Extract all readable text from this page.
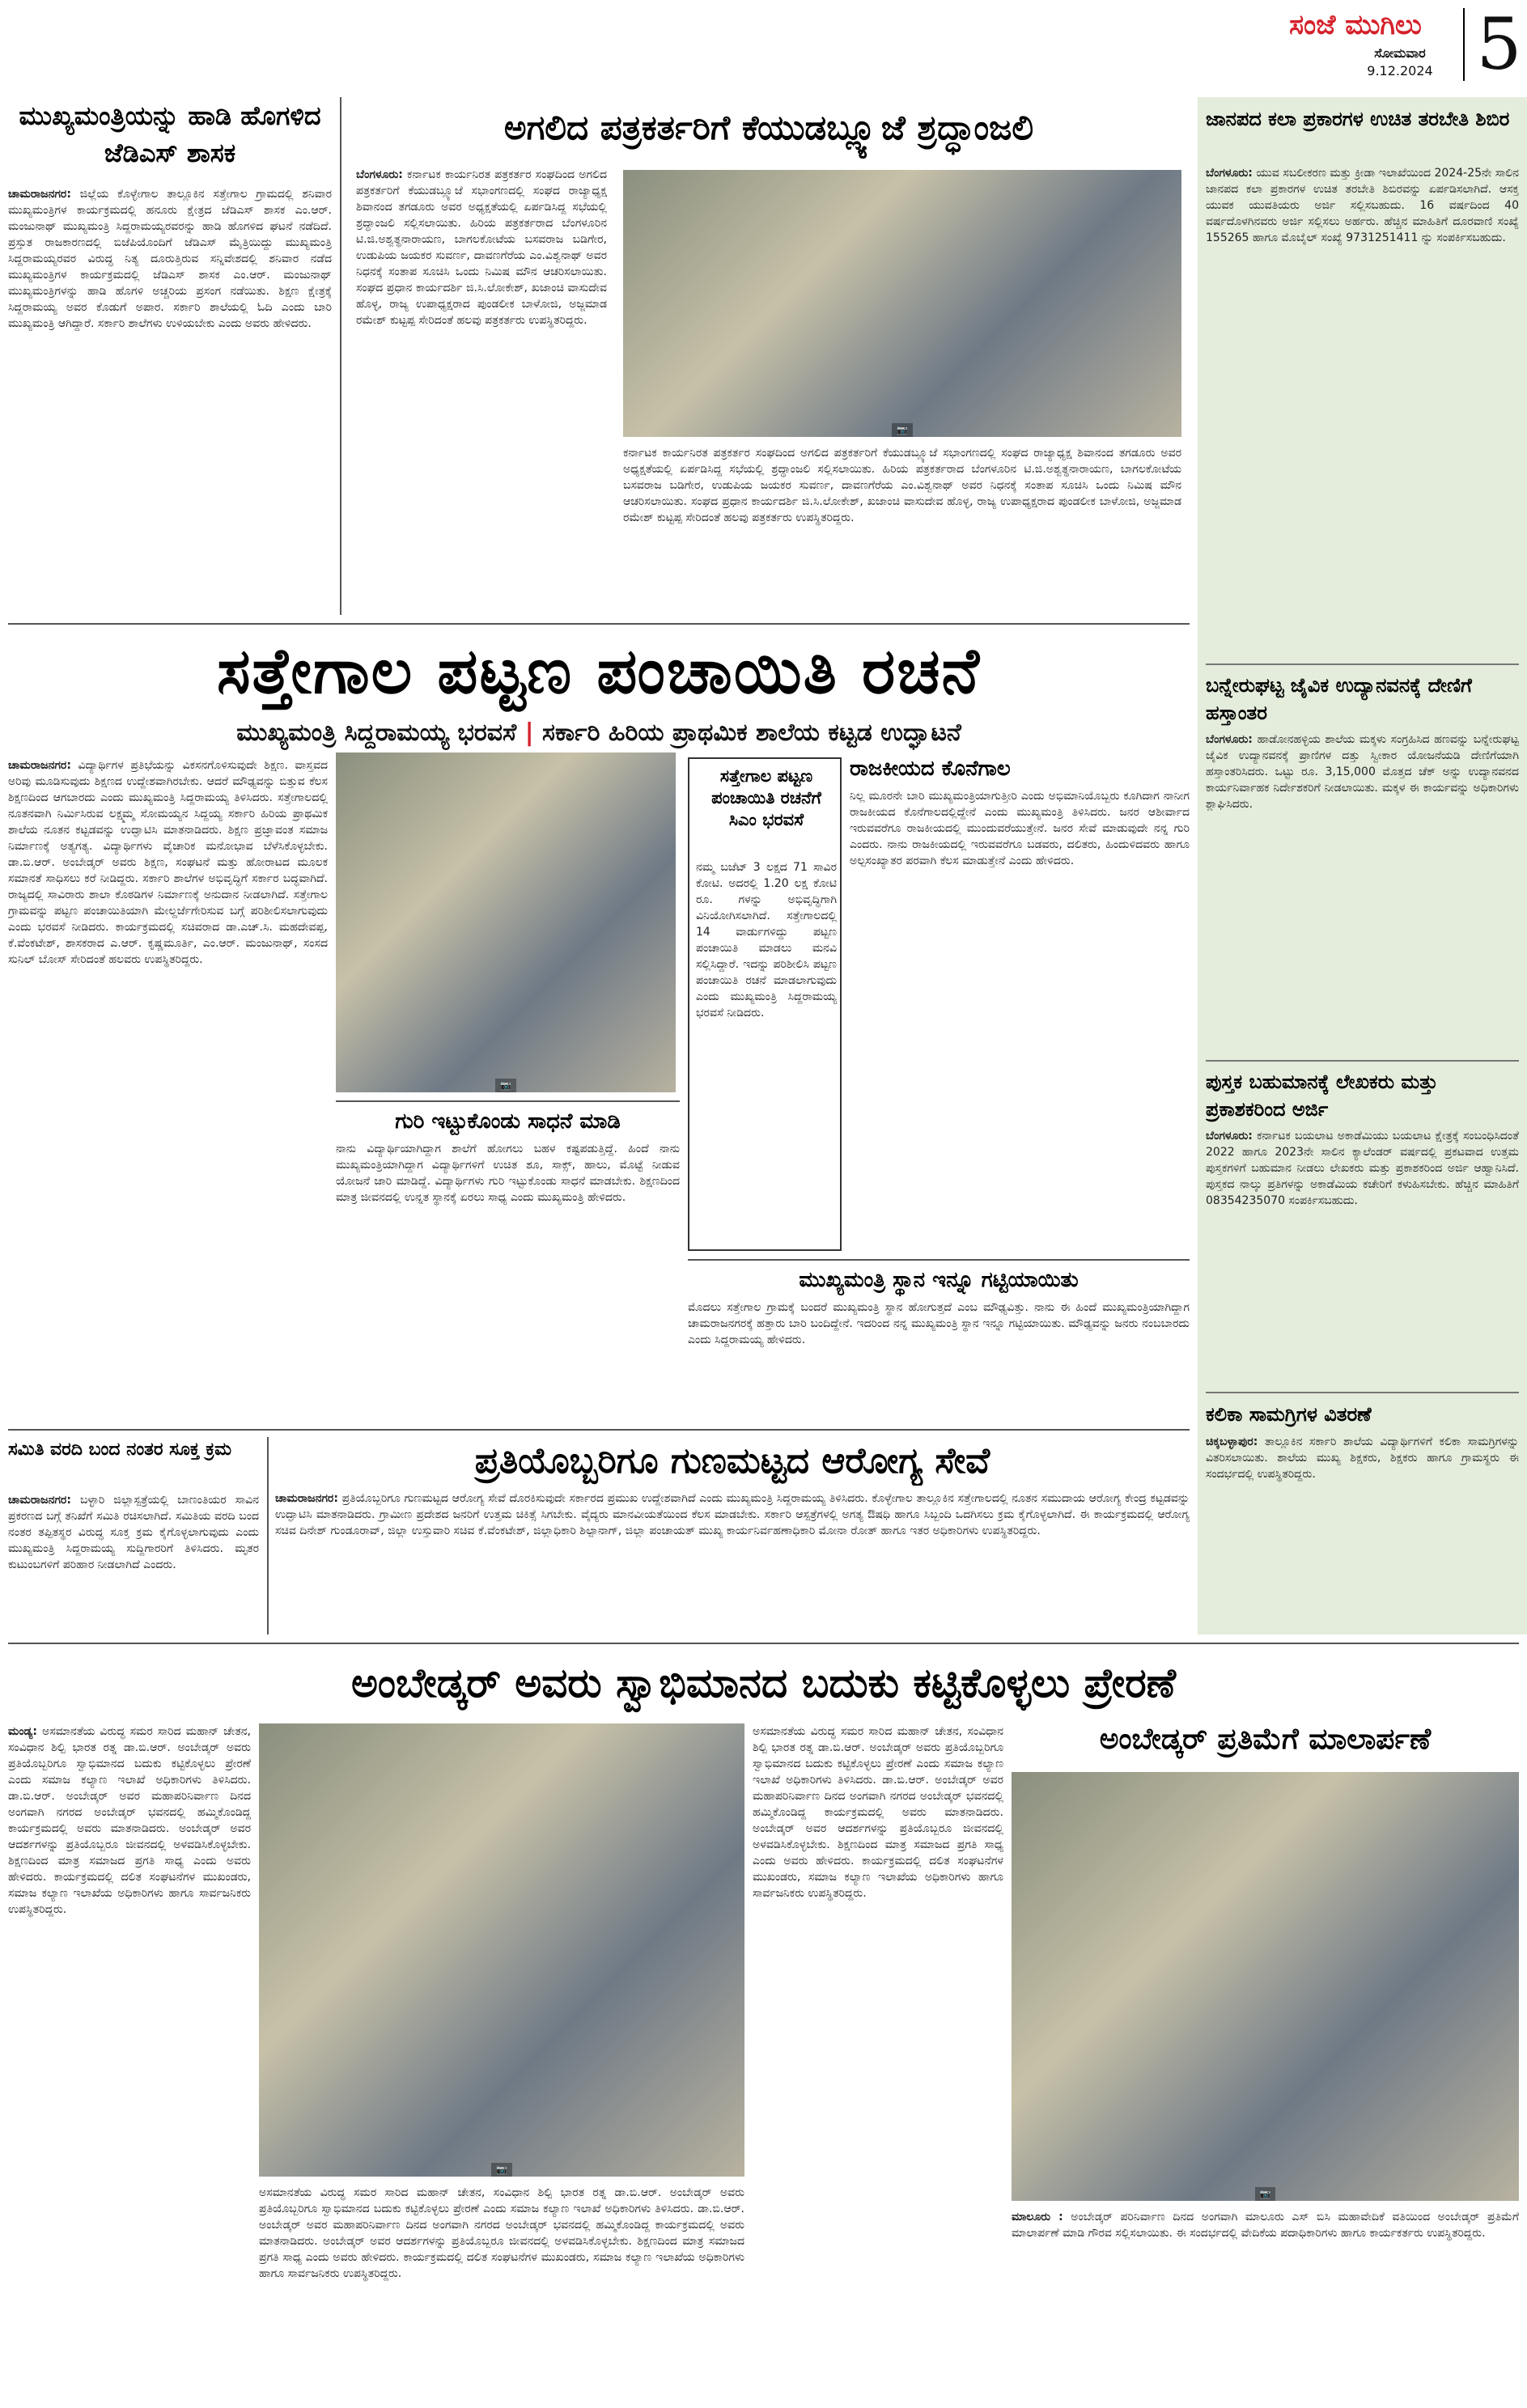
ಸಂಜೆ ಮುಗಿಲು
ಸೋಮವಾರ
9.12.2024 5
ಮುಖ್ಯಮಂತ್ರಿಯನ್ನು ಹಾಡಿ ಹೊಗಳಿದ ಜೆಡಿಎಸ್ ಶಾಸಕ
ಚಾಮರಾಜನಗರ: ಜಿಲ್ಲೆಯ ಕೊಳ್ಳೇಗಾಲ ತಾಲ್ಲೂಕಿನ ಸತ್ತೇಗಾಲ ಗ್ರಾಮದಲ್ಲಿ ಶನಿವಾರ ಮುಖ್ಯಮಂತ್ರಿಗಳ ಕಾರ್ಯಕ್ರಮದಲ್ಲಿ ಹನೂರು ಕ್ಷೇತ್ರದ ಜೆಡಿಎಸ್ ಶಾಸಕ ಎಂ.ಆರ್. ಮಂಜುನಾಥ್ ಮುಖ್ಯಮಂತ್ರಿ ಸಿದ್ದರಾಮಯ್ಯರವರನ್ನು ಹಾಡಿ ಹೊಗಳಿದ ಘಟನೆ ನಡೆದಿದೆ. ಪ್ರಸ್ತುತ ರಾಜಕಾರಣದಲ್ಲಿ ಬಿಜೆಪಿಯೊಂದಿಗೆ ಜೆಡಿಎಸ್ ಮೈತ್ರಿಯಿದ್ದು ಮುಖ್ಯಮಂತ್ರಿ ಸಿದ್ದರಾಮಯ್ಯರವರ ವಿರುದ್ಧ ನಿತ್ಯ ದೂರುತ್ತಿರುವ ಸನ್ನಿವೇಶದಲ್ಲಿ ಶನಿವಾರ ನಡೆದ ಮುಖ್ಯಮಂತ್ರಿಗಳ ಕಾರ್ಯಕ್ರಮದಲ್ಲಿ ಜೆಡಿಎಸ್ ಶಾಸಕ ಎಂ.ಆರ್. ಮಂಜುನಾಥ್ ಮುಖ್ಯಮಂತ್ರಿಗಳನ್ನು ಹಾಡಿ ಹೊಗಳಿ ಅಚ್ಚರಿಯ ಪ್ರಸಂಗ ನಡೆಯಿತು. ಶಿಕ್ಷಣ ಕ್ಷೇತ್ರಕ್ಕೆ ಸಿದ್ದರಾಮಯ್ಯ ಅವರ ಕೊಡುಗೆ ಅಪಾರ. ಸರ್ಕಾರಿ ಶಾಲೆಯಲ್ಲಿ ಓದಿ ಎಂದು ಬಾರಿ ಮುಖ್ಯಮಂತ್ರಿ ಆಗಿದ್ದಾರೆ. ಸರ್ಕಾರಿ ಶಾಲೆಗಳು ಉಳಿಯಬೇಕು ಎಂದು ಅವರು ಹೇಳಿದರು.
ಅಗಲಿದ ಪತ್ರಕರ್ತರಿಗೆ ಕೆಯುಡಬ್ಲ್ಯೂಜೆ ಶ್ರದ್ಧಾಂಜಲಿ
ಬೆಂಗಳೂರು: ಕರ್ನಾಟಕ ಕಾರ್ಯನಿರತ ಪತ್ರಕರ್ತರ ಸಂಘದಿಂದ ಅಗಲಿದ ಪತ್ರಕರ್ತರಿಗೆ ಕೆಯುಡಬ್ಲ್ಯೂಜೆ ಸಭಾಂಗಣದಲ್ಲಿ ಸಂಘದ ರಾಜ್ಯಾಧ್ಯಕ್ಷ ಶಿವಾನಂದ ತಗಡೂರು ಅವರ ಅಧ್ಯಕ್ಷತೆಯಲ್ಲಿ ಏರ್ಪಡಿಸಿದ್ದ ಸಭೆಯಲ್ಲಿ ಶ್ರದ್ಧಾಂಜಲಿ ಸಲ್ಲಿಸಲಾಯಿತು. ಹಿರಿಯ ಪತ್ರಕರ್ತರಾದ ಬೆಂಗಳೂರಿನ ಟಿ.ಜಿ.ಅಶ್ವತ್ಥನಾರಾಯಣ, ಬಾಗಲಕೋಟೆಯ ಬಸವರಾಜ ಬಡಿಗೇರ, ಉಡುಪಿಯ ಜಯಕರ ಸುವರ್ಣ, ದಾವಣಗೆರೆಯ ಎಂ.ವಿಶ್ವನಾಥ್ ಅವರ ನಿಧನಕ್ಕೆ ಸಂತಾಪ ಸೂಚಿಸಿ ಒಂದು ನಿಮಿಷ ಮೌನ ಆಚರಿಸಲಾಯಿತು. ಸಂಘದ ಪ್ರಧಾನ ಕಾರ್ಯದರ್ಶಿ ಜಿ.ಸಿ.ಲೋಕೇಶ್, ಖಜಾಂಚಿ ವಾಸುದೇವ ಹೊಳ್ಳ, ರಾಜ್ಯ ಉಪಾಧ್ಯಕ್ಷರಾದ ಪುಂಡಲೀಕ ಬಾಳೋಜಿ, ಅಜ್ಜಮಾಡ ರಮೇಶ್ ಕುಟ್ಟಪ್ಪ ಸೇರಿದಂತೆ ಹಲವು ಪತ್ರಕರ್ತರು ಉಪಸ್ಥಿತರಿದ್ದರು.
📷
ಕರ್ನಾಟಕ ಕಾರ್ಯನಿರತ ಪತ್ರಕರ್ತರ ಸಂಘದಿಂದ ಅಗಲಿದ ಪತ್ರಕರ್ತರಿಗೆ ಕೆಯುಡಬ್ಲ್ಯೂಜೆ ಸಭಾಂಗಣದಲ್ಲಿ ಸಂಘದ ರಾಜ್ಯಾಧ್ಯಕ್ಷ ಶಿವಾನಂದ ತಗಡೂರು ಅವರ ಅಧ್ಯಕ್ಷತೆಯಲ್ಲಿ ಏರ್ಪಡಿಸಿದ್ದ ಸಭೆಯಲ್ಲಿ ಶ್ರದ್ಧಾಂಜಲಿ ಸಲ್ಲಿಸಲಾಯಿತು. ಹಿರಿಯ ಪತ್ರಕರ್ತರಾದ ಬೆಂಗಳೂರಿನ ಟಿ.ಜಿ.ಅಶ್ವತ್ಥನಾರಾಯಣ, ಬಾಗಲಕೋಟೆಯ ಬಸವರಾಜ ಬಡಿಗೇರ, ಉಡುಪಿಯ ಜಯಕರ ಸುವರ್ಣ, ದಾವಣಗೆರೆಯ ಎಂ.ವಿಶ್ವನಾಥ್ ಅವರ ನಿಧನಕ್ಕೆ ಸಂತಾಪ ಸೂಚಿಸಿ ಒಂದು ನಿಮಿಷ ಮೌನ ಆಚರಿಸಲಾಯಿತು. ಸಂಘದ ಪ್ರಧಾನ ಕಾರ್ಯದರ್ಶಿ ಜಿ.ಸಿ.ಲೋಕೇಶ್, ಖಜಾಂಚಿ ವಾಸುದೇವ ಹೊಳ್ಳ, ರಾಜ್ಯ ಉಪಾಧ್ಯಕ್ಷರಾದ ಪುಂಡಲೀಕ ಬಾಳೋಜಿ, ಅಜ್ಜಮಾಡ ರಮೇಶ್ ಕುಟ್ಟಪ್ಪ ಸೇರಿದಂತೆ ಹಲವು ಪತ್ರಕರ್ತರು ಉಪಸ್ಥಿತರಿದ್ದರು.
ಜಾನಪದ ಕಲಾ ಪ್ರಕಾರಗಳ ಉಚಿತ ತರಬೇತಿ ಶಿಬಿರ
ಬೆಂಗಳೂರು: ಯುವ ಸಬಲೀಕರಣ ಮತ್ತು ಕ್ರೀಡಾ ಇಲಾಖೆಯಿಂದ 2024-25ನೇ ಸಾಲಿನ ಜಾನಪದ ಕಲಾ ಪ್ರಕಾರಗಳ ಉಚಿತ ತರಬೇತಿ ಶಿಬಿರವನ್ನು ಏರ್ಪಡಿಸಲಾಗಿದೆ. ಆಸಕ್ತ ಯುವಕ ಯುವತಿಯರು ಅರ್ಜಿ ಸಲ್ಲಿಸಬಹುದು. 16 ವರ್ಷದಿಂದ 40 ವರ್ಷದೊಳಗಿನವರು ಅರ್ಜಿ ಸಲ್ಲಿಸಲು ಅರ್ಹರು. ಹೆಚ್ಚಿನ ಮಾಹಿತಿಗೆ ದೂರವಾಣಿ ಸಂಖ್ಯೆ 155265 ಹಾಗೂ ಮೊಬೈಲ್ ಸಂಖ್ಯೆ 9731251411 ನ್ನು ಸಂಪರ್ಕಿಸಬಹುದು.
ಬನ್ನೇರುಘಟ್ಟ ಜೈವಿಕ ಉದ್ಯಾನವನಕ್ಕೆ ದೇಣಿಗೆ ಹಸ್ತಾಂತರ
ಬೆಂಗಳೂರು: ಹಾಡೋನಹಳ್ಳಿಯ ಶಾಲೆಯ ಮಕ್ಕಳು ಸಂಗ್ರಹಿಸಿದ ಹಣವನ್ನು ಬನ್ನೇರುಘಟ್ಟ ಜೈವಿಕ ಉದ್ಯಾನವನಕ್ಕೆ ಪ್ರಾಣಿಗಳ ದತ್ತು ಸ್ವೀಕಾರ ಯೋಜನೆಯಡಿ ದೇಣಿಗೆಯಾಗಿ ಹಸ್ತಾಂತರಿಸಿದರು. ಒಟ್ಟು ರೂ. 3,15,000 ಮೊತ್ತದ ಚೆಕ್ ಅನ್ನು ಉದ್ಯಾನವನದ ಕಾರ್ಯನಿರ್ವಾಹಕ ನಿರ್ದೇಶಕರಿಗೆ ನೀಡಲಾಯಿತು. ಮಕ್ಕಳ ಈ ಕಾರ್ಯವನ್ನು ಅಧಿಕಾರಿಗಳು ಶ್ಲಾಘಿಸಿದರು.
ಪುಸ್ತಕ ಬಹುಮಾನಕ್ಕೆ ಲೇಖಕರು ಮತ್ತು ಪ್ರಕಾಶಕರಿಂದ ಅರ್ಜಿ
ಬೆಂಗಳೂರು: ಕರ್ನಾಟಕ ಬಯಲಾಟ ಅಕಾಡೆಮಿಯು ಬಯಲಾಟ ಕ್ಷೇತ್ರಕ್ಕೆ ಸಂಬಂಧಿಸಿದಂತೆ 2022 ಹಾಗೂ 2023ನೇ ಸಾಲಿನ ಕ್ಯಾಲೆಂಡರ್ ವರ್ಷದಲ್ಲಿ ಪ್ರಕಟವಾದ ಉತ್ತಮ ಪುಸ್ತಕಗಳಿಗೆ ಬಹುಮಾನ ನೀಡಲು ಲೇಖಕರು ಮತ್ತು ಪ್ರಕಾಶಕರಿಂದ ಅರ್ಜಿ ಆಹ್ವಾನಿಸಿದೆ. ಪುಸ್ತಕದ ನಾಲ್ಕು ಪ್ರತಿಗಳನ್ನು ಅಕಾಡೆಮಿಯ ಕಚೇರಿಗೆ ಕಳುಹಿಸಬೇಕು. ಹೆಚ್ಚಿನ ಮಾಹಿತಿಗೆ 08354235070 ಸಂಪರ್ಕಿಸಬಹುದು.
ಕಲಿಕಾ ಸಾಮಗ್ರಿಗಳ ವಿತರಣೆ
ಚಿಕ್ಕಬಳ್ಳಾಪುರ: ತಾಲ್ಲೂಕಿನ ಸರ್ಕಾರಿ ಶಾಲೆಯ ವಿದ್ಯಾರ್ಥಿಗಳಿಗೆ ಕಲಿಕಾ ಸಾಮಗ್ರಿಗಳನ್ನು ವಿತರಿಸಲಾಯಿತು. ಶಾಲೆಯ ಮುಖ್ಯ ಶಿಕ್ಷಕರು, ಶಿಕ್ಷಕರು ಹಾಗೂ ಗ್ರಾಮಸ್ಥರು ಈ ಸಂದರ್ಭದಲ್ಲಿ ಉಪಸ್ಥಿತರಿದ್ದರು.
ಸತ್ತೇಗಾಲ ಪಟ್ಟಣ ಪಂಚಾಯಿತಿ ರಚನೆ
ಮುಖ್ಯಮಂತ್ರಿ ಸಿದ್ದರಾಮಯ್ಯ ಭರವಸೆ | ಸರ್ಕಾರಿ ಹಿರಿಯ ಪ್ರಾಥಮಿಕ ಶಾಲೆಯ ಕಟ್ಟಡ ಉದ್ಘಾಟನೆ
ಚಾಮರಾಜನಗರ: ವಿದ್ಯಾರ್ಥಿಗಳ ಪ್ರತಿಭೆಯನ್ನು ವಿಕಸನಗೊಳಿಸುವುದೇ ಶಿಕ್ಷಣ. ವಾಸ್ತವದ ಅರಿವು ಮೂಡಿಸುವುದು ಶಿಕ್ಷಣದ ಉದ್ದೇಶವಾಗಿರಬೇಕು. ಆದರೆ ಮೌಢ್ಯವನ್ನು ಬಿತ್ತುವ ಕೆಲಸ ಶಿಕ್ಷಣದಿಂದ ಆಗಬಾರದು ಎಂದು ಮುಖ್ಯಮಂತ್ರಿ ಸಿದ್ದರಾಮಯ್ಯ ತಿಳಿಸಿದರು. ಸತ್ತೇಗಾಲದಲ್ಲಿ ನೂತನವಾಗಿ ನಿರ್ಮಿಸಿರುವ ಲಕ್ಷ್ಮಮ್ಮ ಸೋಮಯ್ಯನ ಸಿದ್ದಯ್ಯ ಸರ್ಕಾರಿ ಹಿರಿಯ ಪ್ರಾಥಮಿಕ ಶಾಲೆಯ ನೂತನ ಕಟ್ಟಡವನ್ನು ಉದ್ಘಾಟಿಸಿ ಮಾತನಾಡಿದರು. ಶಿಕ್ಷಣ ಪ್ರಜ್ಞಾವಂತ ಸಮಾಜ ನಿರ್ಮಾಣಕ್ಕೆ ಅತ್ಯಗತ್ಯ. ವಿದ್ಯಾರ್ಥಿಗಳು ವೈಚಾರಿಕ ಮನೋಭಾವ ಬೆಳೆಸಿಕೊಳ್ಳಬೇಕು. ಡಾ.ಬಿ.ಆರ್. ಅಂಬೇಡ್ಕರ್ ಅವರು ಶಿಕ್ಷಣ, ಸಂಘಟನೆ ಮತ್ತು ಹೋರಾಟದ ಮೂಲಕ ಸಮಾನತೆ ಸಾಧಿಸಲು ಕರೆ ನೀಡಿದ್ದರು. ಸರ್ಕಾರಿ ಶಾಲೆಗಳ ಅಭಿವೃದ್ಧಿಗೆ ಸರ್ಕಾರ ಬದ್ಧವಾಗಿದೆ. ರಾಜ್ಯದಲ್ಲಿ ಸಾವಿರಾರು ಶಾಲಾ ಕೊಠಡಿಗಳ ನಿರ್ಮಾಣಕ್ಕೆ ಅನುದಾನ ನೀಡಲಾಗಿದೆ. ಸತ್ತೇಗಾಲ ಗ್ರಾಮವನ್ನು ಪಟ್ಟಣ ಪಂಚಾಯಿತಿಯಾಗಿ ಮೇಲ್ದರ್ಜೆಗೇರಿಸುವ ಬಗ್ಗೆ ಪರಿಶೀಲಿಸಲಾಗುವುದು ಎಂದು ಭರವಸೆ ನೀಡಿದರು. ಕಾರ್ಯಕ್ರಮದಲ್ಲಿ ಸಚಿವರಾದ ಡಾ.ಎಚ್.ಸಿ. ಮಹದೇವಪ್ಪ, ಕೆ.ವೆಂಕಟೇಶ್, ಶಾಸಕರಾದ ಎ.ಆರ್. ಕೃಷ್ಣಮೂರ್ತಿ, ಎಂ.ಆರ್. ಮಂಜುನಾಥ್, ಸಂಸದ ಸುನಿಲ್ ಬೋಸ್ ಸೇರಿದಂತೆ ಹಲವರು ಉಪಸ್ಥಿತರಿದ್ದರು.
📷
ಸತ್ತೇಗಾಲ ಪಟ್ಟಣ ಪಂಚಾಯಿತಿ ರಚನೆಗೆ ಸಿಎಂ ಭರವಸೆ
ನಮ್ಮ ಬಜೆಟ್ 3 ಲಕ್ಷದ 71 ಸಾವಿರ ಕೋಟಿ. ಅದರಲ್ಲಿ 1.20 ಲಕ್ಷ ಕೋಟಿ ರೂ. ಗಳನ್ನು ಅಭಿವೃದ್ಧಿಗಾಗಿ ವಿನಿಯೋಗಿಸಲಾಗಿದೆ. ಸತ್ತೇಗಾಲದಲ್ಲಿ 14 ವಾರ್ಡುಗಳಿದ್ದು ಪಟ್ಟಣ ಪಂಚಾಯಿತಿ ಮಾಡಲು ಮನವಿ ಸಲ್ಲಿಸಿದ್ದಾರೆ. ಇದನ್ನು ಪರಿಶೀಲಿಸಿ ಪಟ್ಟಣ ಪಂಚಾಯಿತಿ ರಚನೆ ಮಾಡಲಾಗುವುದು ಎಂದು ಮುಖ್ಯಮಂತ್ರಿ ಸಿದ್ದರಾಮಯ್ಯ ಭರವಸೆ ನೀಡಿದರು.
ರಾಜಕೀಯದ ಕೊನೆಗಾಲ
ನಿಲ್ಲ ಮೂರನೇ ಬಾರಿ ಮುಖ್ಯಮಂತ್ರಿಯಾಗುತ್ತೀರಿ ಎಂದು ಅಭಿಮಾನಿಯೊಬ್ಬರು ಕೂಗಿದಾಗ ನಾನೀಗ ರಾಜಕೀಯದ ಕೊನೆಗಾಲದಲ್ಲಿದ್ದೇನೆ ಎಂದು ಮುಖ್ಯಮಂತ್ರಿ ತಿಳಿಸಿದರು. ಜನರ ಆಶೀರ್ವಾದ ಇರುವವರೆಗೂ ರಾಜಕೀಯದಲ್ಲಿ ಮುಂದುವರೆಯುತ್ತೇನೆ. ಜನರ ಸೇವೆ ಮಾಡುವುದೇ ನನ್ನ ಗುರಿ ಎಂದರು. ನಾನು ರಾಜಕೀಯದಲ್ಲಿ ಇರುವವರೆಗೂ ಬಡವರು, ದಲಿತರು, ಹಿಂದುಳಿದವರು ಹಾಗೂ ಅಲ್ಪಸಂಖ್ಯಾತರ ಪರವಾಗಿ ಕೆಲಸ ಮಾಡುತ್ತೇನೆ ಎಂದು ಹೇಳಿದರು.
ಗುರಿ ಇಟ್ಟುಕೊಂಡು ಸಾಧನೆ ಮಾಡಿ
ನಾನು ವಿದ್ಯಾರ್ಥಿಯಾಗಿದ್ದಾಗ ಶಾಲೆಗೆ ಹೋಗಲು ಬಹಳ ಕಷ್ಟಪಡುತ್ತಿದ್ದೆ. ಹಿಂದೆ ನಾನು ಮುಖ್ಯಮಂತ್ರಿಯಾಗಿದ್ದಾಗ ವಿದ್ಯಾರ್ಥಿಗಳಿಗೆ ಉಚಿತ ಶೂ, ಸಾಕ್ಸ್, ಹಾಲು, ಮೊಟ್ಟೆ ನೀಡುವ ಯೋಜನೆ ಜಾರಿ ಮಾಡಿದ್ದೆ. ವಿದ್ಯಾರ್ಥಿಗಳು ಗುರಿ ಇಟ್ಟುಕೊಂಡು ಸಾಧನೆ ಮಾಡಬೇಕು. ಶಿಕ್ಷಣದಿಂದ ಮಾತ್ರ ಜೀವನದಲ್ಲಿ ಉನ್ನತ ಸ್ಥಾನಕ್ಕೆ ಏರಲು ಸಾಧ್ಯ ಎಂದು ಮುಖ್ಯಮಂತ್ರಿ ಹೇಳಿದರು.
ಮುಖ್ಯಮಂತ್ರಿ ಸ್ಥಾನ ಇನ್ನೂ ಗಟ್ಟಿಯಾಯಿತು
ಮೊದಲು ಸತ್ತೇಗಾಲ ಗ್ರಾಮಕ್ಕೆ ಬಂದರೆ ಮುಖ್ಯಮಂತ್ರಿ ಸ್ಥಾನ ಹೋಗುತ್ತದೆ ಎಂಬ ಮೌಢ್ಯವಿತ್ತು. ನಾನು ಈ ಹಿಂದೆ ಮುಖ್ಯಮಂತ್ರಿಯಾಗಿದ್ದಾಗ ಚಾಮರಾಜನಗರಕ್ಕೆ ಹತ್ತಾರು ಬಾರಿ ಬಂದಿದ್ದೇನೆ. ಇದರಿಂದ ನನ್ನ ಮುಖ್ಯಮಂತ್ರಿ ಸ್ಥಾನ ಇನ್ನೂ ಗಟ್ಟಿಯಾಯಿತು. ಮೌಢ್ಯವನ್ನು ಜನರು ನಂಬಬಾರದು ಎಂದು ಸಿದ್ದರಾಮಯ್ಯ ಹೇಳಿದರು.
ಸಮಿತಿ ವರದಿ ಬಂದ ನಂತರ ಸೂಕ್ತ ಕ್ರಮ
ಚಾಮರಾಜನಗರ: ಬಳ್ಳಾರಿ ಜಿಲ್ಲಾಸ್ಪತ್ರೆಯಲ್ಲಿ ಬಾಣಂತಿಯರ ಸಾವಿನ ಪ್ರಕರಣದ ಬಗ್ಗೆ ತನಿಖೆಗೆ ಸಮಿತಿ ರಚಿಸಲಾಗಿದೆ. ಸಮಿತಿಯ ವರದಿ ಬಂದ ನಂತರ ತಪ್ಪಿತಸ್ಥರ ವಿರುದ್ಧ ಸೂಕ್ತ ಕ್ರಮ ಕೈಗೊಳ್ಳಲಾಗುವುದು ಎಂದು ಮುಖ್ಯಮಂತ್ರಿ ಸಿದ್ದರಾಮಯ್ಯ ಸುದ್ದಿಗಾರರಿಗೆ ತಿಳಿಸಿದರು. ಮೃತರ ಕುಟುಂಬಗಳಿಗೆ ಪರಿಹಾರ ನೀಡಲಾಗಿದೆ ಎಂದರು.
ಪ್ರತಿಯೊಬ್ಬರಿಗೂ ಗುಣಮಟ್ಟದ ಆರೋಗ್ಯ ಸೇವೆ
ಚಾಮರಾಜನಗರ: ಪ್ರತಿಯೊಬ್ಬರಿಗೂ ಗುಣಮಟ್ಟದ ಆರೋಗ್ಯ ಸೇವೆ ದೊರಕಿಸುವುದೇ ಸರ್ಕಾರದ ಪ್ರಮುಖ ಉದ್ದೇಶವಾಗಿದೆ ಎಂದು ಮುಖ್ಯಮಂತ್ರಿ ಸಿದ್ದರಾಮಯ್ಯ ತಿಳಿಸಿದರು. ಕೊಳ್ಳೇಗಾಲ ತಾಲ್ಲೂಕಿನ ಸತ್ತೇಗಾಲದಲ್ಲಿ ನೂತನ ಸಮುದಾಯ ಆರೋಗ್ಯ ಕೇಂದ್ರ ಕಟ್ಟಡವನ್ನು ಉದ್ಘಾಟಿಸಿ ಮಾತನಾಡಿದರು. ಗ್ರಾಮೀಣ ಪ್ರದೇಶದ ಜನರಿಗೆ ಉತ್ತಮ ಚಿಕಿತ್ಸೆ ಸಿಗಬೇಕು. ವೈದ್ಯರು ಮಾನವೀಯತೆಯಿಂದ ಕೆಲಸ ಮಾಡಬೇಕು. ಸರ್ಕಾರಿ ಆಸ್ಪತ್ರೆಗಳಲ್ಲಿ ಅಗತ್ಯ ಔಷಧಿ ಹಾಗೂ ಸಿಬ್ಬಂದಿ ಒದಗಿಸಲು ಕ್ರಮ ಕೈಗೊಳ್ಳಲಾಗಿದೆ. ಈ ಕಾರ್ಯಕ್ರಮದಲ್ಲಿ ಆರೋಗ್ಯ ಸಚಿವ ದಿನೇಶ್ ಗುಂಡೂರಾವ್, ಜಿಲ್ಲಾ ಉಸ್ತುವಾರಿ ಸಚಿವ ಕೆ.ವೆಂಕಟೇಶ್, ಜಿಲ್ಲಾಧಿಕಾರಿ ಶಿಲ್ಪಾನಾಗ್, ಜಿಲ್ಲಾ ಪಂಚಾಯತ್ ಮುಖ್ಯ ಕಾರ್ಯನಿರ್ವಹಣಾಧಿಕಾರಿ ಮೋನಾ ರೋತ್ ಹಾಗೂ ಇತರ ಅಧಿಕಾರಿಗಳು ಉಪಸ್ಥಿತರಿದ್ದರು.
ಅಂಬೇಡ್ಕರ್ ಅವರು ಸ್ವಾಭಿಮಾನದ ಬದುಕು ಕಟ್ಟಿಕೊಳ್ಳಲು ಪ್ರೇರಣೆ
ಮಂಡ್ಯ: ಅಸಮಾನತೆಯ ವಿರುದ್ಧ ಸಮರ ಸಾರಿದ ಮಹಾನ್ ಚೇತನ, ಸಂವಿಧಾನ ಶಿಲ್ಪಿ ಭಾರತ ರತ್ನ ಡಾ.ಬಿ.ಆರ್. ಅಂಬೇಡ್ಕರ್ ಅವರು ಪ್ರತಿಯೊಬ್ಬರಿಗೂ ಸ್ವಾಭಿಮಾನದ ಬದುಕು ಕಟ್ಟಿಕೊಳ್ಳಲು ಪ್ರೇರಣೆ ಎಂದು ಸಮಾಜ ಕಲ್ಯಾಣ ಇಲಾಖೆ ಅಧಿಕಾರಿಗಳು ತಿಳಿಸಿದರು. ಡಾ.ಬಿ.ಆರ್. ಅಂಬೇಡ್ಕರ್ ಅವರ ಮಹಾಪರಿನಿರ್ವಾಣ ದಿನದ ಅಂಗವಾಗಿ ನಗರದ ಅಂಬೇಡ್ಕರ್ ಭವನದಲ್ಲಿ ಹಮ್ಮಿಕೊಂಡಿದ್ದ ಕಾರ್ಯಕ್ರಮದಲ್ಲಿ ಅವರು ಮಾತನಾಡಿದರು. ಅಂಬೇಡ್ಕರ್ ಅವರ ಆದರ್ಶಗಳನ್ನು ಪ್ರತಿಯೊಬ್ಬರೂ ಜೀವನದಲ್ಲಿ ಅಳವಡಿಸಿಕೊಳ್ಳಬೇಕು. ಶಿಕ್ಷಣದಿಂದ ಮಾತ್ರ ಸಮಾಜದ ಪ್ರಗತಿ ಸಾಧ್ಯ ಎಂದು ಅವರು ಹೇಳಿದರು. ಕಾರ್ಯಕ್ರಮದಲ್ಲಿ ದಲಿತ ಸಂಘಟನೆಗಳ ಮುಖಂಡರು, ಸಮಾಜ ಕಲ್ಯಾಣ ಇಲಾಖೆಯ ಅಧಿಕಾರಿಗಳು ಹಾಗೂ ಸಾರ್ವಜನಿಕರು ಉಪಸ್ಥಿತರಿದ್ದರು.
📷
ಅಸಮಾನತೆಯ ವಿರುದ್ಧ ಸಮರ ಸಾರಿದ ಮಹಾನ್ ಚೇತನ, ಸಂವಿಧಾನ ಶಿಲ್ಪಿ ಭಾರತ ರತ್ನ ಡಾ.ಬಿ.ಆರ್. ಅಂಬೇಡ್ಕರ್ ಅವರು ಪ್ರತಿಯೊಬ್ಬರಿಗೂ ಸ್ವಾಭಿಮಾನದ ಬದುಕು ಕಟ್ಟಿಕೊಳ್ಳಲು ಪ್ರೇರಣೆ ಎಂದು ಸಮಾಜ ಕಲ್ಯಾಣ ಇಲಾಖೆ ಅಧಿಕಾರಿಗಳು ತಿಳಿಸಿದರು. ಡಾ.ಬಿ.ಆರ್. ಅಂಬೇಡ್ಕರ್ ಅವರ ಮಹಾಪರಿನಿರ್ವಾಣ ದಿನದ ಅಂಗವಾಗಿ ನಗರದ ಅಂಬೇಡ್ಕರ್ ಭವನದಲ್ಲಿ ಹಮ್ಮಿಕೊಂಡಿದ್ದ ಕಾರ್ಯಕ್ರಮದಲ್ಲಿ ಅವರು ಮಾತನಾಡಿದರು. ಅಂಬೇಡ್ಕರ್ ಅವರ ಆದರ್ಶಗಳನ್ನು ಪ್ರತಿಯೊಬ್ಬರೂ ಜೀವನದಲ್ಲಿ ಅಳವಡಿಸಿಕೊಳ್ಳಬೇಕು. ಶಿಕ್ಷಣದಿಂದ ಮಾತ್ರ ಸಮಾಜದ ಪ್ರಗತಿ ಸಾಧ್ಯ ಎಂದು ಅವರು ಹೇಳಿದರು. ಕಾರ್ಯಕ್ರಮದಲ್ಲಿ ದಲಿತ ಸಂಘಟನೆಗಳ ಮುಖಂಡರು, ಸಮಾಜ ಕಲ್ಯಾಣ ಇಲಾಖೆಯ ಅಧಿಕಾರಿಗಳು ಹಾಗೂ ಸಾರ್ವಜನಿಕರು ಉಪಸ್ಥಿತರಿದ್ದರು.
ಅಸಮಾನತೆಯ ವಿರುದ್ಧ ಸಮರ ಸಾರಿದ ಮಹಾನ್ ಚೇತನ, ಸಂವಿಧಾನ ಶಿಲ್ಪಿ ಭಾರತ ರತ್ನ ಡಾ.ಬಿ.ಆರ್. ಅಂಬೇಡ್ಕರ್ ಅವರು ಪ್ರತಿಯೊಬ್ಬರಿಗೂ ಸ್ವಾಭಿಮಾನದ ಬದುಕು ಕಟ್ಟಿಕೊಳ್ಳಲು ಪ್ರೇರಣೆ ಎಂದು ಸಮಾಜ ಕಲ್ಯಾಣ ಇಲಾಖೆ ಅಧಿಕಾರಿಗಳು ತಿಳಿಸಿದರು. ಡಾ.ಬಿ.ಆರ್. ಅಂಬೇಡ್ಕರ್ ಅವರ ಮಹಾಪರಿನಿರ್ವಾಣ ದಿನದ ಅಂಗವಾಗಿ ನಗರದ ಅಂಬೇಡ್ಕರ್ ಭವನದಲ್ಲಿ ಹಮ್ಮಿಕೊಂಡಿದ್ದ ಕಾರ್ಯಕ್ರಮದಲ್ಲಿ ಅವರು ಮಾತನಾಡಿದರು. ಅಂಬೇಡ್ಕರ್ ಅವರ ಆದರ್ಶಗಳನ್ನು ಪ್ರತಿಯೊಬ್ಬರೂ ಜೀವನದಲ್ಲಿ ಅಳವಡಿಸಿಕೊಳ್ಳಬೇಕು. ಶಿಕ್ಷಣದಿಂದ ಮಾತ್ರ ಸಮಾಜದ ಪ್ರಗತಿ ಸಾಧ್ಯ ಎಂದು ಅವರು ಹೇಳಿದರು. ಕಾರ್ಯಕ್ರಮದಲ್ಲಿ ದಲಿತ ಸಂಘಟನೆಗಳ ಮುಖಂಡರು, ಸಮಾಜ ಕಲ್ಯಾಣ ಇಲಾಖೆಯ ಅಧಿಕಾರಿಗಳು ಹಾಗೂ ಸಾರ್ವಜನಿಕರು ಉಪಸ್ಥಿತರಿದ್ದರು.
ಅಂಬೇಡ್ಕರ್ ಪ್ರತಿಮೆಗೆ ಮಾಲಾರ್ಪಣೆ
📷
ಮಾಲೂರು : ಅಂಬೇಡ್ಕರ್ ಪರಿನಿರ್ವಾಣ ದಿನದ ಅಂಗವಾಗಿ ಮಾಲೂರು ಎಸ್ ಬಿಸಿ ಮಹಾವೇದಿಕೆ ವತಿಯಿಂದ ಅಂಬೇಡ್ಕರ್ ಪ್ರತಿಮೆಗೆ ಮಾಲಾರ್ಪಣೆ ಮಾಡಿ ಗೌರವ ಸಲ್ಲಿಸಲಾಯಿತು. ಈ ಸಂದರ್ಭದಲ್ಲಿ ವೇದಿಕೆಯ ಪದಾಧಿಕಾರಿಗಳು ಹಾಗೂ ಕಾರ್ಯಕರ್ತರು ಉಪಸ್ಥಿತರಿದ್ದರು.
